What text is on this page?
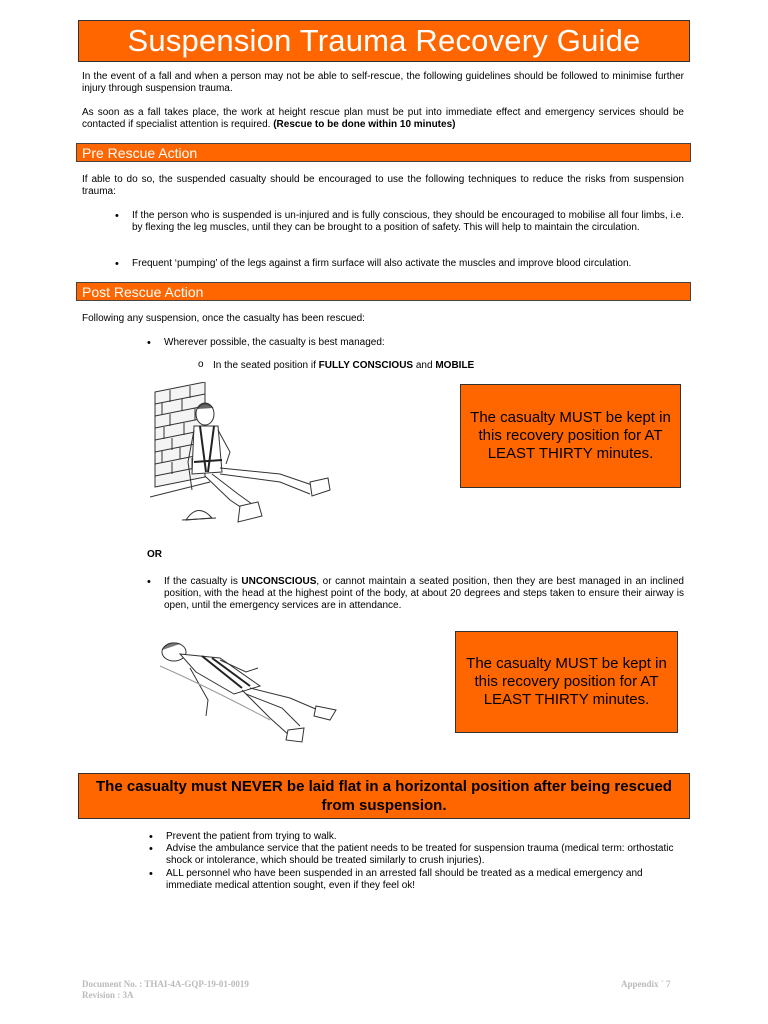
Suspension Trauma Recovery Guide
In the event of a fall and when a person may not be able to self-rescue, the following guidelines should be followed to minimise further injury through suspension trauma.
As soon as a fall takes place, the work at height rescue plan must be put into immediate effect and emergency services should be contacted if specialist attention is required. (Rescue to be done within 10 minutes)
Pre Rescue Action
If able to do so, the suspended casualty should be encouraged to use the following techniques to reduce the risks from suspension trauma:
• If the person who is suspended is un-injured and is fully conscious, they should be encouraged to mobilise all four limbs, i.e. by flexing the leg muscles, until they can be brought to a position of safety. This will help to maintain the circulation.
• Frequent ‘pumping’ of the legs against a firm surface will also activate the muscles and improve blood circulation.
Post Rescue Action
Following any suspension, once the casualty has been rescued:
• Wherever possible, the casualty is best managed:
o In the seated position if FULLY CONSCIOUS and MOBILE
The casualty MUST be kept in this recovery position for AT LEAST THIRTY minutes.
OR
• If the casualty is UNCONSCIOUS, or cannot maintain a seated position, then they are best managed in an inclined position, with the head at the highest point of the body, at about 20 degrees and steps taken to ensure their airway is open, until the emergency services are in attendance.
The casualty MUST be kept in this recovery position for AT LEAST THIRTY minutes.
The casualty must NEVER be laid flat in a horizontal position after being rescued from suspension.
• Prevent the patient from trying to walk.
• Advise the ambulance service that the patient needs to be treated for suspension trauma (medical term: orthostatic shock or intolerance, which should be treated similarly to crush injuries).
• ALL personnel who have been suspended in an arrested fall should be treated as a medical emergency and immediate medical attention sought, even if they feel ok!
Document No. : THAI-4A-GQP-19-01-0019
Revision : 3A
Appendix ` 7
